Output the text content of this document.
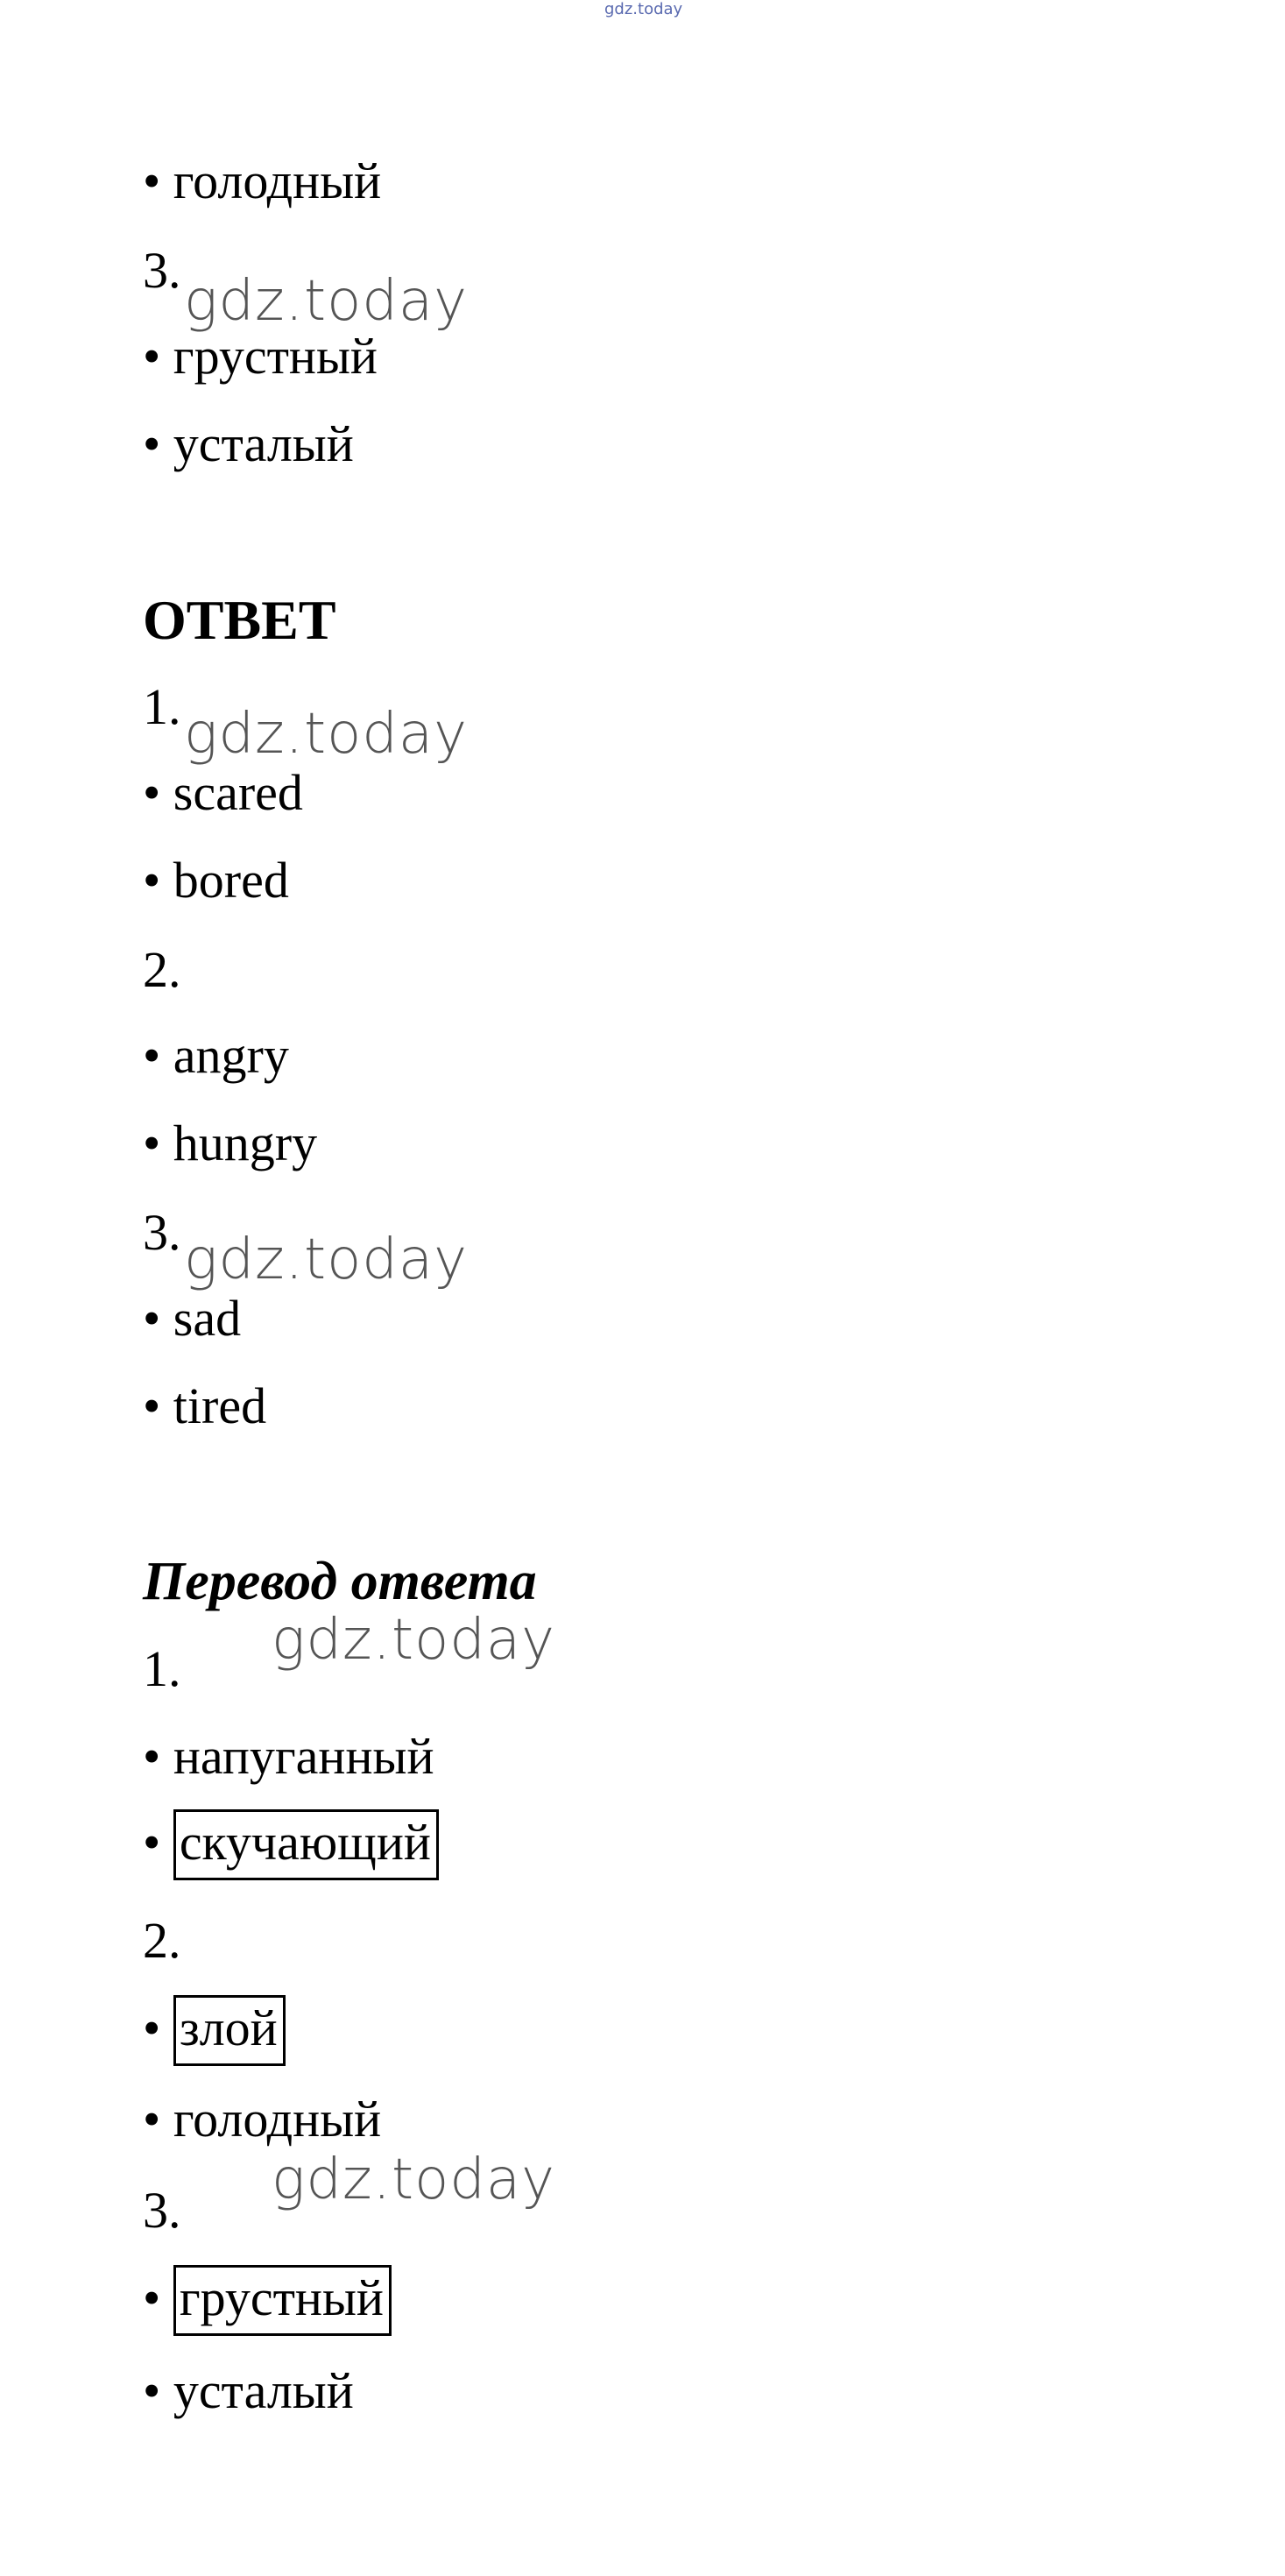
gdz.today
• голодный
3. gdz.today
• грустный
• усталый
ОТВЕТ
1. gdz.today
• scared
• bored
2.
• angry
• hungry
3. gdz.today
• sad
• tired
Перевод ответа
gdz.today
1.
• напуганный
• скучающий
2.
• злой
• голодный
gdz.today
3.
• грустный
• усталый
